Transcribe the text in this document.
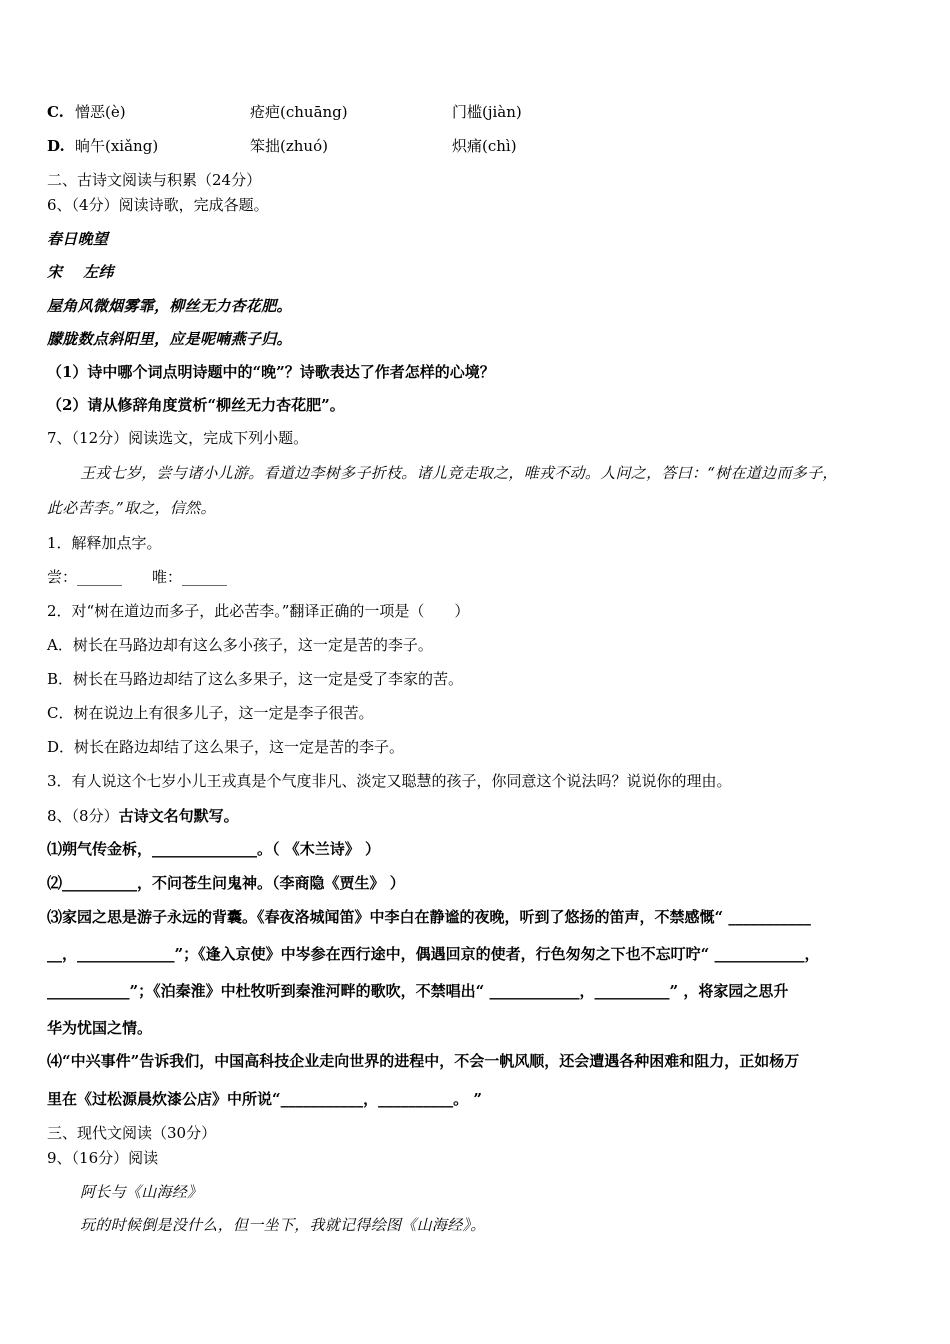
C. 憎恶(è)	疮疤(chuāng)	门槛(jiàn)
D. 晌午(xiǎng)	笨拙(zhuó)	炽痛(chì)
二、古诗文阅读与积累（24分）
6、（4分）阅读诗歌，完成各题。
春日晚望
宋　 左纬
屋角风微烟雾霏，柳丝无力杏花肥。
朦胧数点斜阳里，应是呢喃燕子归。
（1）诗中哪个词点明诗题中的“晚”？诗歌表达了作者怎样的心境？
（2）请从修辞角度赏析“柳丝无力杏花肥”。
7、（12分）阅读选文，完成下列小题。
王戎七岁，尝与诸小儿游。看道边李树多子折枝。诸儿竞走取之，唯戎不动。人问之，答曰：“树在道边而多子，
此必苦李。”取之，信然。
1．解释加点字。
尝：______　　唯：______
2．对“树在道边而多子，此必苦李。”翻译正确的一项是（　　）
A．树长在马路边却有这么多小孩子，这一定是苦的李子。
B．树长在马路边却结了这么多果子，这一定是受了李家的苦。
C．树在说边上有很多儿子，这一定是李子很苦。
D．树长在路边却结了这么果子，这一定是苦的李子。
3．有人说这个七岁小儿王戎真是个气度非凡、淡定又聪慧的孩子，你同意这个说法吗？说说你的理由。
8、（8分）古诗文名句默写。
⑴朔气传金柝，______________。（ 《木兰诗》 ）
⑵__________，不问苍生问鬼神。（李商隐《贾生》 ）
⑶家园之思是游子永远的背囊。《春夜洛城闻笛》中李白在静谧的夜晚，听到了悠扬的笛声，不禁感慨“ ___________
__，_____________”；《逢入京使》中岑参在西行途中，偶遇回京的使者，行色匆匆之下也不忘叮咛“ ____________，
___________”；《泊秦淮》中杜牧听到秦淮河畔的歌吹，不禁唱出“ ____________，__________” ，将家园之思升
华为忧国之情。
⑷“中兴事件”告诉我们，中国高科技企业走向世界的进程中，不会一帆风顺，还会遭遇各种困难和阻力，正如杨万
里在《过松源晨炊漆公店》中所说“___________，__________。 ”
三、现代文阅读（30分）
9、（16分）阅读
阿长与《山海经》
玩的时候倒是没什么，但一坐下，我就记得绘图《山海经》。
